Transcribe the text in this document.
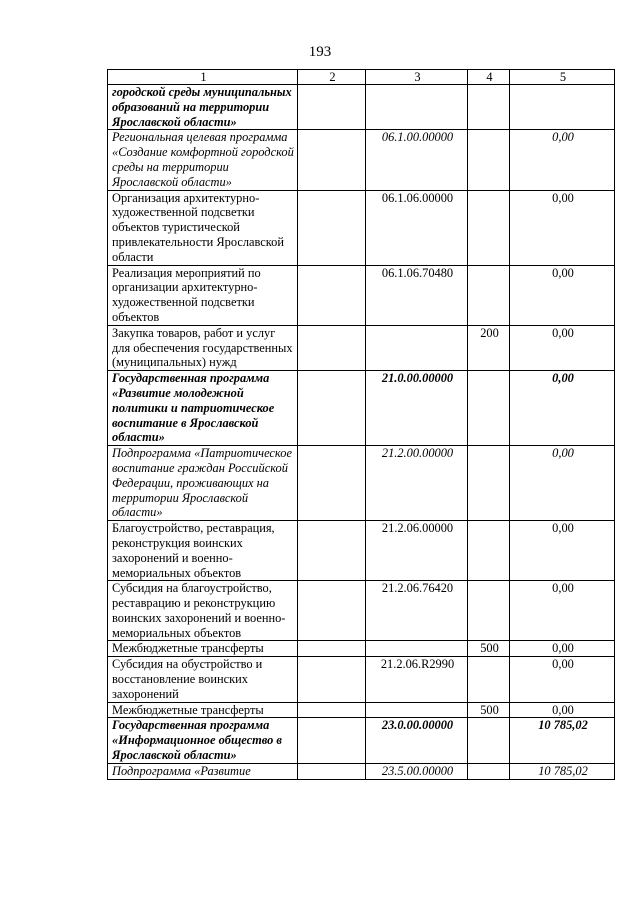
193
1	2	3	4	5
городской среды муниципальных образований на территории Ярославской области»				
Региональная целевая программа «Создание комфортной городской среды на территории Ярославской области»		06.1.00.00000		0,00
Организация архитектурно-художественной подсветки объектов туристической привлекательности Ярославской области		06.1.06.00000		0,00
Реализация мероприятий по организации архитектурно-художественной подсветки объектов		06.1.06.70480		0,00
Закупка товаров, работ и услуг для обеспечения государственных (муниципальных) нужд			200	0,00
Государственная программа «Развитие молодежной политики и патриотическое воспитание в Ярославской области»		21.0.00.00000		0,00
Подпрограмма «Патриотическое воспитание граждан Российской Федерации, проживающих на территории Ярославской области»		21.2.00.00000		0,00
Благоустройство, реставрация, реконструкция воинских захоронений и военно-мемориальных объектов		21.2.06.00000		0,00
Субсидия на благоустройство, реставрацию и реконструкцию воинских захоронений и военно-мемориальных объектов		21.2.06.76420		0,00
Межбюджетные трансферты			500	0,00
Субсидия на обустройство и восстановление воинских захоронений		21.2.06.R2990		0,00
Межбюджетные трансферты			500	0,00
Государственная программа «Информационное общество в Ярославской области»		23.0.00.00000		10 785,02
Подпрограмма «Развитие		23.5.00.00000		10 785,02
